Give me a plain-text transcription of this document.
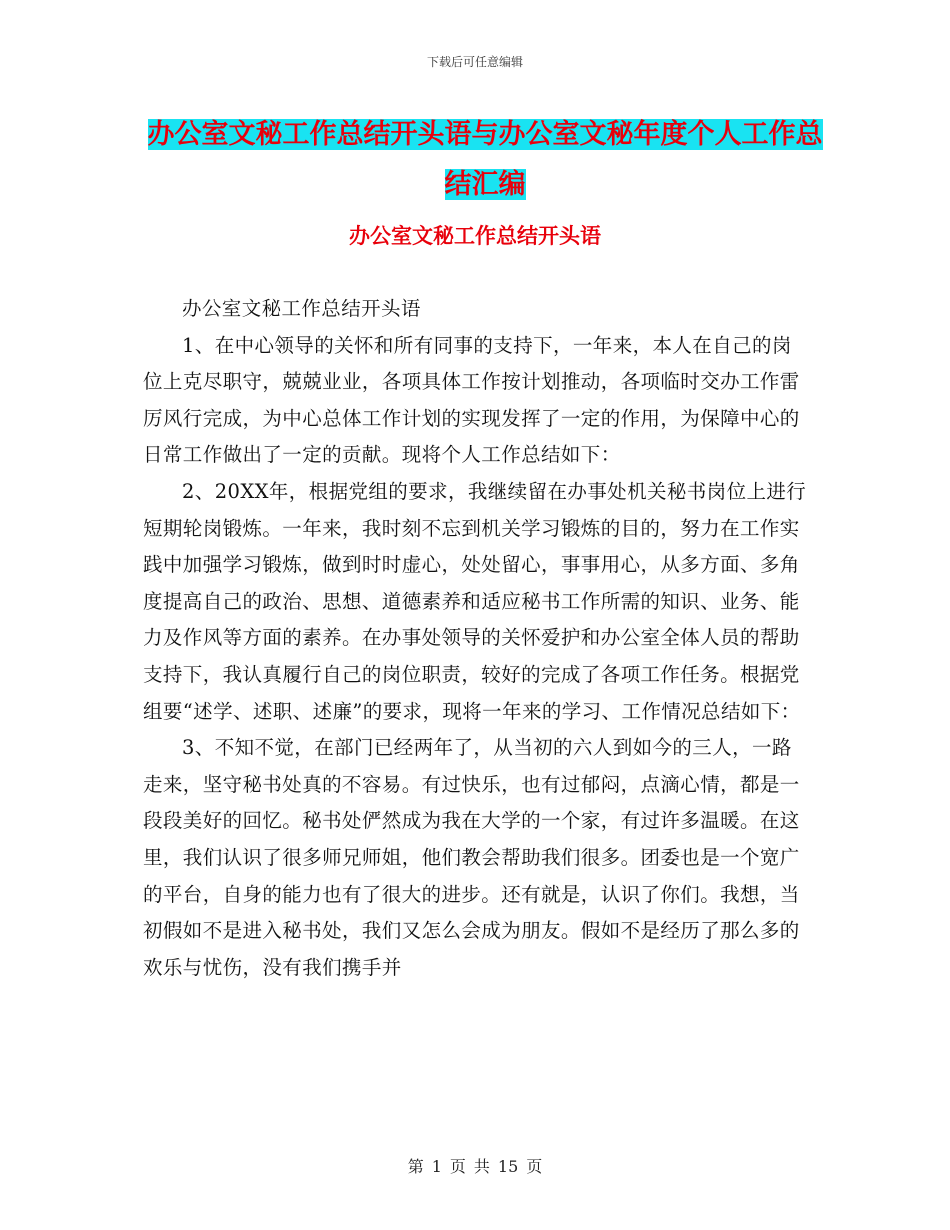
下载后可任意编辑
办公室文秘工作总结开头语与办公室文秘年度个人工作总结汇编
办公室文秘工作总结开头语

办公室文秘工作总结开头语

1、在中心领导的关怀和所有同事的支持下，一年来，本人在自己的岗位上克尽职守，兢兢业业，各项具体工作按计划推动，各项临时交办工作雷厉风行完成，为中心总体工作计划的实现发挥了一定的作用，为保障中心的日常工作做出了一定的贡献。现将个人工作总结如下：

2、20XX年，根据党组的要求，我继续留在办事处机关秘书岗位上进行短期轮岗锻炼。一年来，我时刻不忘到机关学习锻炼的目的，努力在工作实践中加强学习锻炼，做到时时虚心，处处留心，事事用心，从多方面、多角度提高自己的政治、思想、道德素养和适应秘书工作所需的知识、业务、能力及作风等方面的素养。在办事处领导的关怀爱护和办公室全体人员的帮助支持下，我认真履行自己的岗位职责，较好的完成了各项工作任务。根据党组要“述学、述职、述廉”的要求，现将一年来的学习、工作情况总结如下：

3、不知不觉，在部门已经两年了，从当初的六人到如今的三人，一路走来，坚守秘书处真的不容易。有过快乐，也有过郁闷，点滴心情，都是一段段美好的回忆。秘书处俨然成为我在大学的一个家，有过许多温暖。在这里，我们认识了很多师兄师姐，他们教会帮助我们很多。团委也是一个宽广的平台，自身的能力也有了很大的进步。还有就是，认识了你们。我想，当初假如不是进入秘书处，我们又怎么会成为朋友。假如不是经历了那么多的欢乐与忧伤，没有我们携手并

第 1 页 共 15 页
